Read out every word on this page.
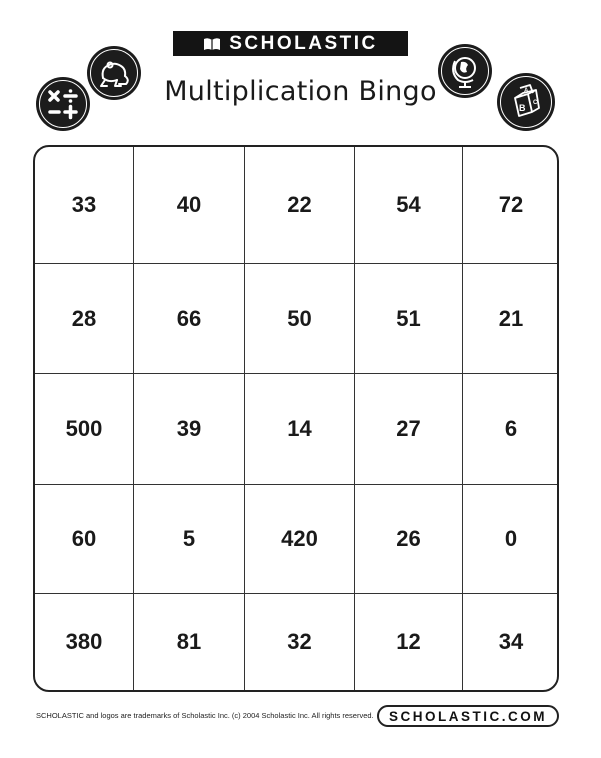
SCHOLASTIC
Multiplication Bingo
B C
A
33	40	22	54	72
28	66	50	51	21
500	39	14	27	6
60	5	420	26	0
380	81	32	12	34
SCHOLASTIC and logos are trademarks of Scholastic Inc. (c) 2004 Scholastic Inc. All rights reserved.	SCHOLASTIC.COM
